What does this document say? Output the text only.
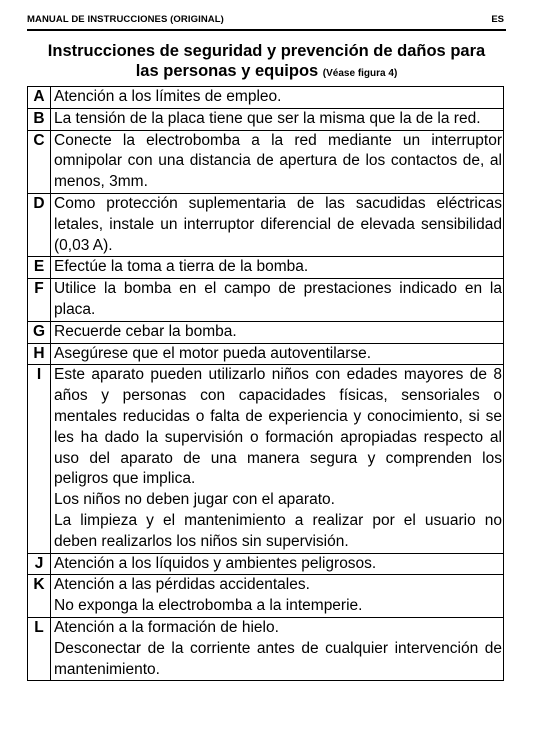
MANUAL DE INSTRUCCIONES (ORIGINAL)	ES
Instrucciones de seguridad y prevención de daños para
las personas y equipos (Véase figura 4)
A	Atención a los límites de empleo.

B	La tensión de la placa tiene que ser la misma que la de la red.

C	Conecte la electrobomba a la red mediante un interruptor omnipolar con una distancia de apertura de los contactos de, al menos, 3mm.

D	Como protección suplementaria de las sacudidas eléctricas letales, instale un interruptor diferencial de elevada sensibilidad (0,03 A).

E	Efectúe la toma a tierra de la bomba.

F	Utilice la bomba en el campo de prestaciones indicado en la placa.

G	Recuerde cebar la bomba.

H	Asegúrese que el motor pueda autoventilarse.

I	Este aparato pueden utilizarlo niños con edades mayores de 8 años y personas con capacidades físicas, sensoriales o mentales reducidas o falta de experiencia y conocimiento, si se les ha dado la supervisión o formación apropiadas respecto al uso del aparato de una manera segura y comprenden los peligros que implica.

Los niños no deben jugar con el aparato.

La limpieza y el mantenimiento a realizar por el usuario no deben realizarlos los niños sin supervisión.

J	Atención a los líquidos y ambientes peligrosos.

K	Atención a las pérdidas accidentales.

No exponga la electrobomba a la intemperie.

L	Atención a la formación de hielo.

Desconectar de la corriente antes de cualquier intervención de mantenimiento.
